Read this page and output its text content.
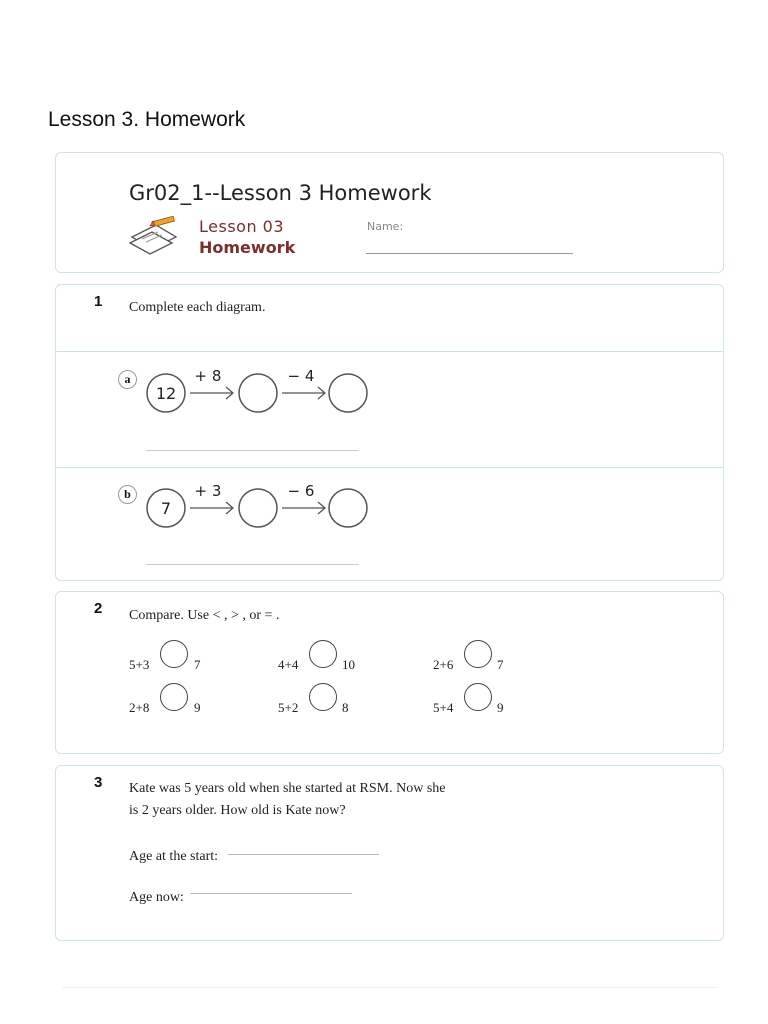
Lesson 3. Homework
Gr02_1--Lesson 3 Homework
Lesson 03
Homework
Name:
1 Complete each diagram.
a
12
+ 8	− 4
b
7
+ 3	− 6
2 Compare. Use < , > , or = .
5+3	7	4+4	10	2+6	7
2+8	9	5+2	8	5+4	9
3 Kate was 5 years old when she started at RSM. Now she
is 2 years older. How old is Kate now?
Age at the start:
Age now:
